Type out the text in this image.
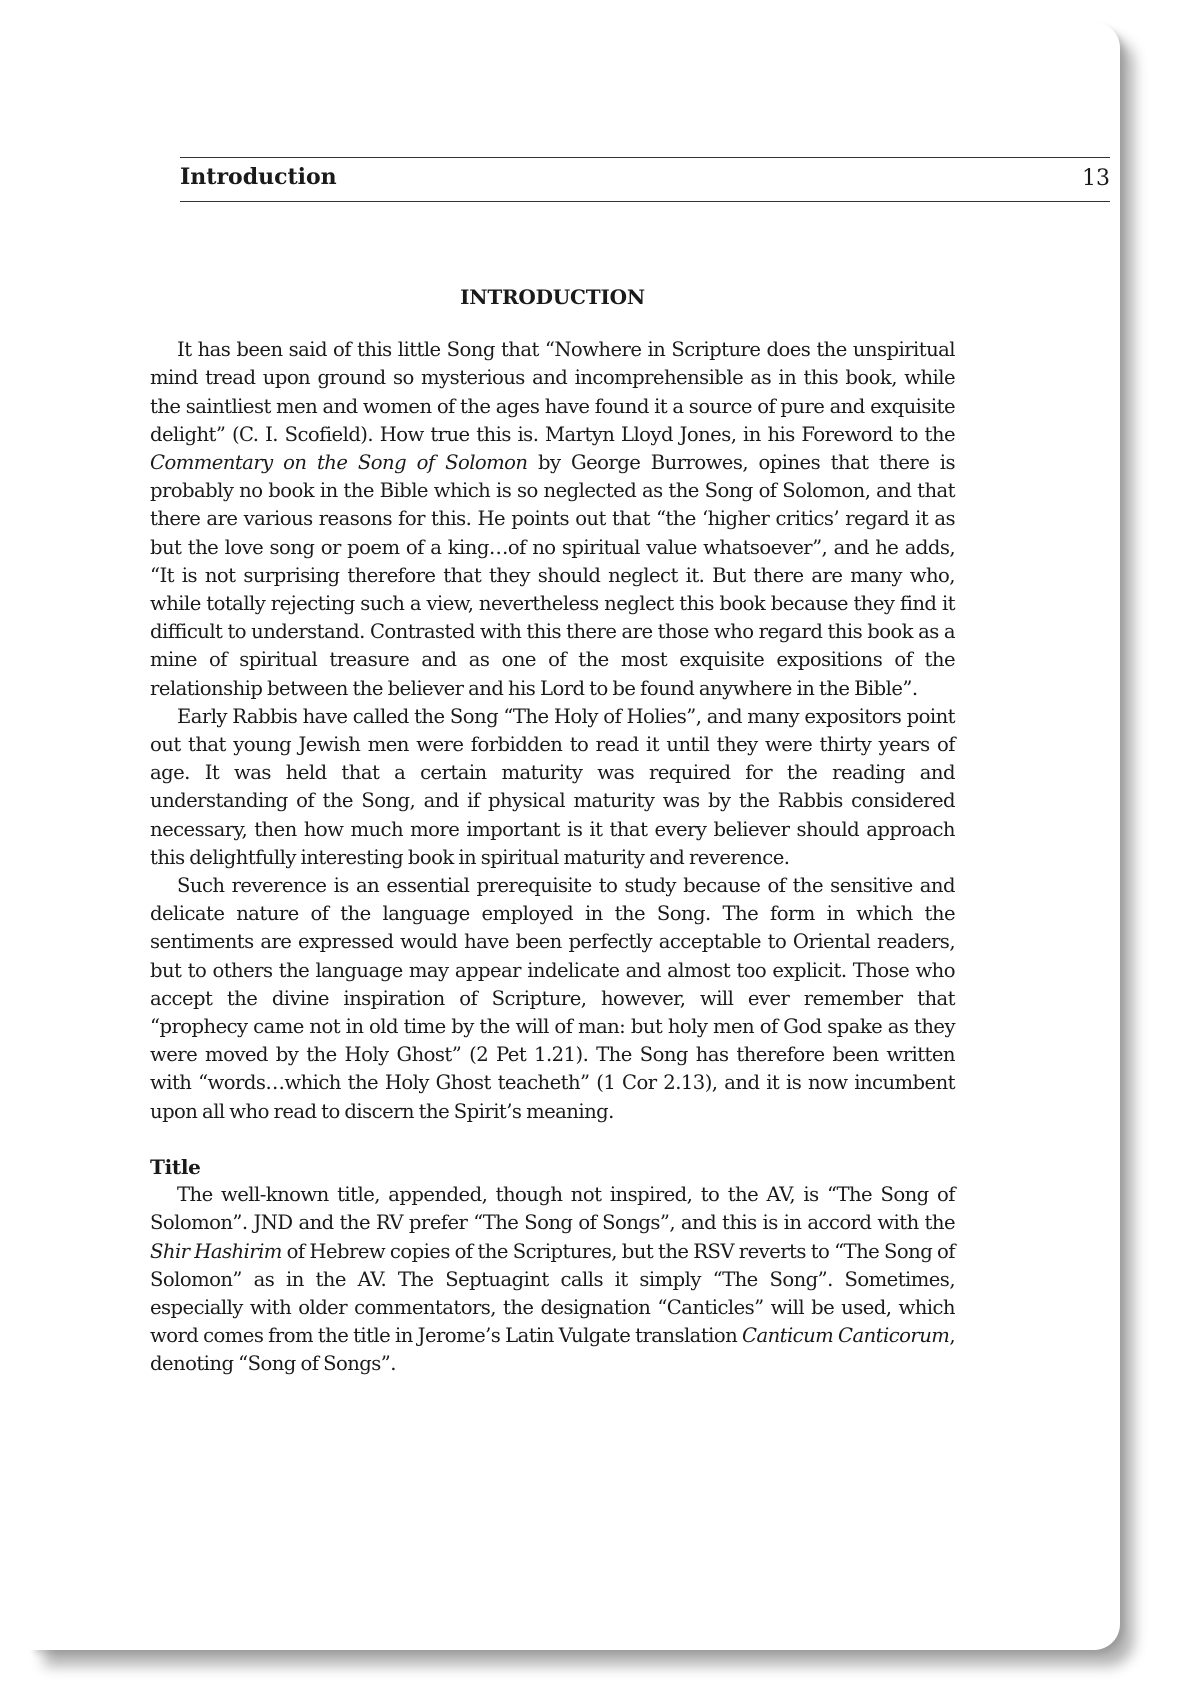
Introduction	13
INTRODUCTION

It has been said of this little Song that “Nowhere in Scripture does the unspiritual mind tread upon ground so mysterious and incomprehensible as in this book, while the saintliest men and women of the ages have found it a source of pure and exquisite delight” (C. I. Scofield). How true this is. Martyn Lloyd Jones, in his Foreword to the Commentary on the Song of Solomon by George Burrowes, opines that there is probably no book in the Bible which is so neglected as the Song of Solomon, and that there are various reasons for this. He points out that “the ‘higher critics’ regard it as but the love song or poem of a king…of no spiritual value whatsoever”, and he adds, “It is not surprising therefore that they should neglect it. But there are many who, while totally rejecting such a view, nevertheless neglect this book because they find it difficult to understand. Contrasted with this there are those who regard this book as a mine of spiritual treasure and as one of the most exquisite expositions of the relationship between the believer and his Lord to be found anywhere in the Bible”.

Early Rabbis have called the Song “The Holy of Holies”, and many expositors point out that young Jewish men were forbidden to read it until they were thirty years of age. It was held that a certain maturity was required for the reading and understanding of the Song, and if physical maturity was by the Rabbis considered necessary, then how much more important is it that every believer should approach this delightfully interesting book in spiritual maturity and reverence.

Such reverence is an essential prerequisite to study because of the sensitive and delicate nature of the language employed in the Song. The form in which the sentiments are expressed would have been perfectly acceptable to Oriental readers, but to others the language may appear indelicate and almost too explicit. Those who accept the divine inspiration of Scripture, however, will ever remember that “prophecy came not in old time by the will of man: but holy men of God spake as they were moved by the Holy Ghost” (2 Pet 1.21). The Song has therefore been written with “words…which the Holy Ghost teacheth” (1 Cor 2.13), and it is now incumbent upon all who read to discern the Spirit’s meaning.

Title

The well-known title, appended, though not inspired, to the AV, is “The Song of Solomon”. JND and the RV prefer “The Song of Songs”, and this is in accord with the Shir Hashirim of Hebrew copies of the Scriptures, but the RSV reverts to “The Song of Solomon” as in the AV. The Septuagint calls it simply “The Song”. Sometimes, especially with older commentators, the designation “Canticles” will be used, which word comes from the title in Jerome’s Latin Vulgate translation Canticum Canticorum, denoting “Song of Songs”.
